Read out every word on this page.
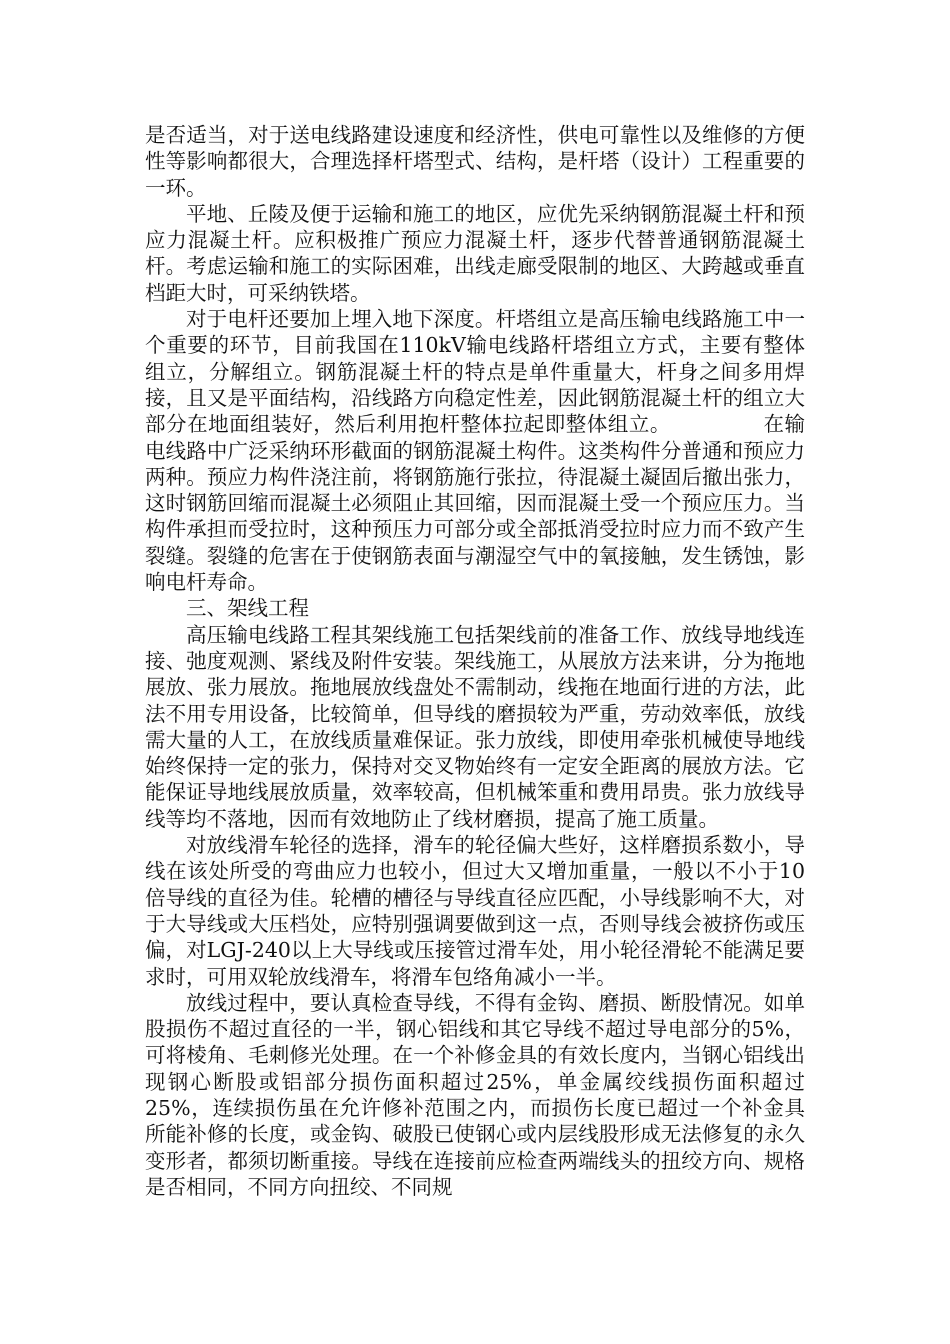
是否适当，对于送电线路建设速度和经济性，供电可靠性以及维修的方便性等影响都很大，合理选择杆塔型式、结构，是杆塔（设计）工程重要的一环。

平地、丘陵及便于运输和施工的地区，应优先采纳钢筋混凝土杆和预应力混凝土杆。应积极推广预应力混凝土杆，逐步代替普通钢筋混凝土杆。考虑运输和施工的实际困难，出线走廊受限制的地区、大跨越或垂直档距大时，可采纳铁塔。

对于电杆还要加上埋入地下深度。杆塔组立是高压输电线路施工中一个重要的环节，目前我国在110kV输电线路杆塔组立方式，主要有整体组立，分解组立。钢筋混凝土杆的特点是单件重量大，杆身之间多用焊接，且又是平面结构，沿线路方向稳定性差，因此钢筋混凝土杆的组立大部分在地面组装好，然后利用抱杆整体拉起即整体组立。	在输电线路中广泛采纳环形截面的钢筋混凝土构件。这类构件分普通和预应力两种。预应力构件浇注前，将钢筋施行张拉，待混凝土凝固后撤出张力，这时钢筋回缩而混凝土必须阻止其回缩，因而混凝土受一个预应压力。当构件承担而受拉时，这种预压力可部分或全部抵消受拉时应力而不致产生裂缝。裂缝的危害在于使钢筋表面与潮湿空气中的氧接触，发生锈蚀，影响电杆寿命。

三、架线工程

高压输电线路工程其架线施工包括架线前的准备工作、放线导地线连接、弛度观测、紧线及附件安装。架线施工，从展放方法来讲，分为拖地展放、张力展放。拖地展放线盘处不需制动，线拖在地面行进的方法，此法不用专用设备，比较简单，但导线的磨损较为严重，劳动效率低，放线需大量的人工，在放线质量难保证。张力放线，即使用牵张机械使导地线始终保持一定的张力，保持对交叉物始终有一定安全距离的展放方法。它能保证导地线展放质量，效率较高，但机械笨重和费用昂贵。张力放线导线等均不落地，因而有效地防止了线材磨损，提高了施工质量。

对放线滑车轮径的选择，滑车的轮径偏大些好，这样磨损系数小，导线在该处所受的弯曲应力也较小，但过大又增加重量，一般以不小于10倍导线的直径为佳。轮槽的槽径与导线直径应匹配，小导线影响不大，对于大导线或大压档处，应特别强调要做到这一点，否则导线会被挤伤或压偏，对LGJ-240以上大导线或压接管过滑车处，用小轮径滑轮不能满足要求时，可用双轮放线滑车，将滑车包络角减小一半。

放线过程中，要认真检查导线，不得有金钩、磨损、断股情况。如单股损伤不超过直径的一半，钢心铝线和其它导线不超过导电部分的5%，可将棱角、毛刺修光处理。在一个补修金具的有效长度内，当钢心铝线出现钢心断股或铝部分损伤面积超过25%，单金属绞线损伤面积超过25%，连续损伤虽在允许修补范围之内，而损伤长度已超过一个补金具所能补修的长度，或金钩、破股已使钢心或内层线股形成无法修复的永久变形者，都须切断重接。导线在连接前应检查两端线头的扭绞方向、规格是否相同，不同方向扭绞、不同规
